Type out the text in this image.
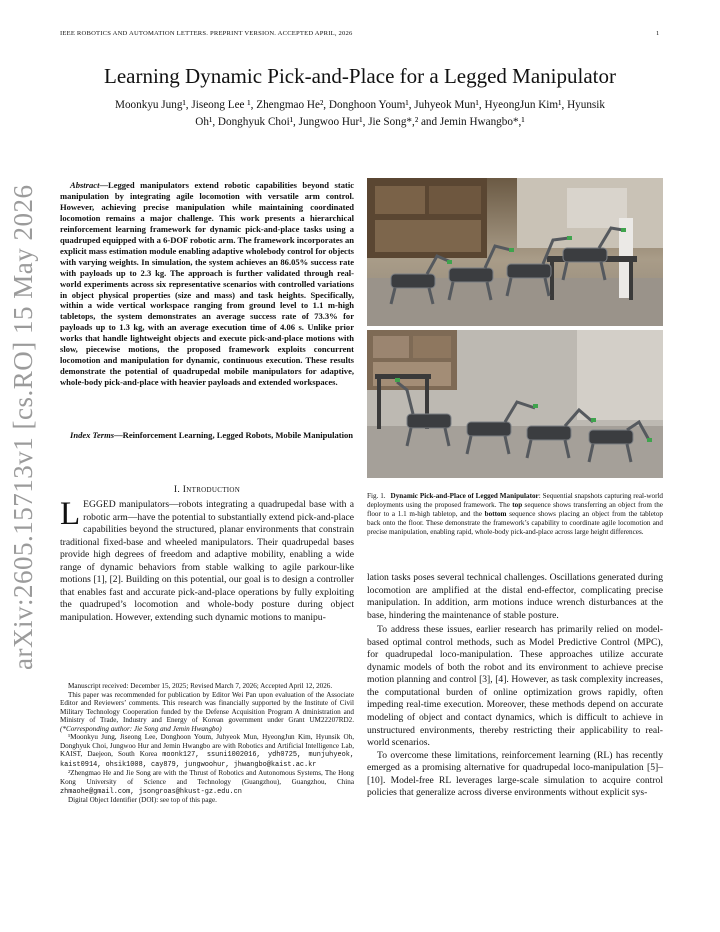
IEEE ROBOTICS AND AUTOMATION LETTERS. PREPRINT VERSION. ACCEPTED APRIL, 2026	1
Learning Dynamic Pick-and-Place for a Legged Manipulator
Moonkyu Jung¹, Jiseong Lee ¹, Zhengmao He², Donghoon Youm¹, Juhyeok Mun¹, HyeongJun Kim¹, Hyunsik
Oh¹, Donghyuk Choi¹, Jungwoo Hur¹, Jie Song*,² and Jemin Hwangbo*,¹
arXiv:2605.15713v1 [cs.RO] 15 May 2026	Abstract—Legged manipulators extend robotic capabilities beyond static manipulation by integrating agile locomotion with versatile arm control. However, achieving precise manipulation while maintaining coordinated locomotion remains a major challenge. This work presents a hierarchical reinforcement learning framework for dynamic pick-and-place tasks using a quadruped equipped with a 6-DOF robotic arm. The framework incorporates an explicit mass estimation module enabling adaptive wholebody control for objects with varying weights. In simulation, the system achieves an 86.05% success rate with payloads up to 2.3 kg. The approach is further validated through real-world experiments across six representative scenarios with controlled variations in object physical properties (size and mass) and task heights. Specifically, within a wide vertical workspace ranging from ground level to 1.1 m-high tabletops, the system demonstrates an average success rate of 73.3% for payloads up to 1.3 kg, with an average execution time of 4.06 s. Unlike prior works that handle lightweight objects and execute pick-and-place motions with slow, piecewise motions, the proposed framework exploits concurrent locomotion and manipulation for dynamic, continuous execution. These results demonstrate the potential of quadrupedal mobile manipulators for adaptive, whole-body pick-and-place with heavier payloads and extended workspaces.
Index Terms—Reinforcement Learning, Legged Robots, Mobile Manipulation
I. Introduction
LEGGED manipulators—robots integrating a quadrupedal base with a robotic arm—have the potential to substantially extend pick-and-place capabilities beyond the structured, planar environments that constrain traditional fixed-base and wheeled manipulators. Their quadrupedal bases provide high degrees of freedom and adaptive mobility, enabling a wide range of dynamic behaviors from stable walking to agile parkour-like motions [1], [2]. Building on this potential, our goal is to design a controller that enables fast and accurate pick-and-place operations by fully exploiting the quadruped’s locomotion and whole-body posture during object manipulation. However, extending such dynamic motions to manipu-

Manuscript received: December 15, 2025; Revised March 7, 2026; Accepted April 12, 2026.

This paper was recommended for publication by Editor Wei Pan upon evaluation of the Associate Editor and Reviewers’ comments. This research was financially supported by the Institute of Civil Military Technology Cooperation funded by the Defense Acquisition Program A dministration and Ministry of Trade, Industry and Energy of Korean government under Grant UM22207RD2. (*Corresponding author: Jie Song and Jemin Hwangbo)

¹Moonkyu Jung, Jiseong Lee, Donghoon Youm, Juhyeok Mun, HyeongJun Kim, Hyunsik Oh, Donghyuk Choi, Jungwoo Hur and Jemin Hwangbo are with Robotics and Artificial Intelligence Lab, KAIST, Daejeon, South Korea moonk127, ssuni1002016, ydh0725, munjuhyeok, kaist0914, ohsik1008, cay879, jungwoohur, jhwangbo@kaist.ac.kr

²Zhengmao He and Jie Song are with the Thrust of Robotics and Autonomous Systems, The Hong Kong University of Science and Technology (Guangzhou), Guangzhou, China zhmaohe@gmail.com, jsongroas@hkust-gz.edu.cn

Digital Object Identifier (DOI): see top of this page.

Fig. 1. Dynamic Pick-and-Place of Legged Manipulator: Sequential snapshots capturing real-world deployments using the proposed framework. The top sequence shows transferring an object from the floor to a 1.1 m-high tabletop, and the bottom sequence shows placing an object from the tabletop back onto the floor. These demonstrate the framework’s capability to coordinate agile locomotion and precise manipulation, enabling rapid, whole-body pick-and-place across large height differences.

lation tasks poses several technical challenges. Oscillations generated during locomotion are amplified at the distal end-effector, complicating precise manipulation. In addition, arm motions induce wrench disturbances at the base, hindering the maintenance of stable posture.

To address these issues, earlier research has primarily relied on model-based optimal control methods, such as Model Predictive Control (MPC), for quadrupedal loco-manipulation. These approaches utilize accurate dynamic models of both the robot and its environment to achieve precise motion planning and control [3], [4]. However, as task complexity increases, the computational burden of online optimization grows rapidly, often impeding real-time execution. Moreover, these methods depend on accurate modeling of object and contact dynamics, which is difficult to achieve in unstructured environments, thereby restricting their applicability to real-world scenarios.

To overcome these limitations, reinforcement learning (RL) has recently emerged as a promising alternative for quadrupedal loco-manipulation [5]–[10]. Model-free RL leverages large-scale simulation to acquire control policies that generalize across diverse environments without explicit sys-
